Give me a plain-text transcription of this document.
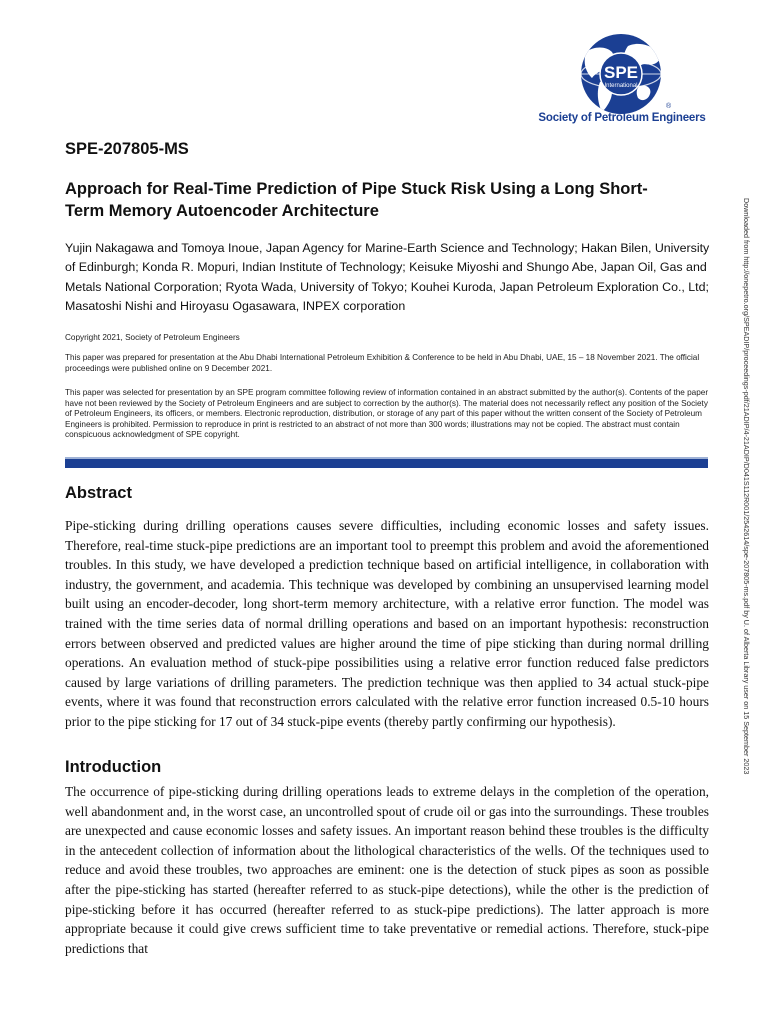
SPE
International
®
Society of Petroleum Engineers
SPE-207805-MS
Approach for Real-Time Prediction of Pipe Stuck Risk Using a Long Short-Term Memory Autoencoder Architecture
Yujin Nakagawa and Tomoya Inoue, Japan Agency for Marine-Earth Science and Technology; Hakan Bilen, University of Edinburgh; Konda R. Mopuri, Indian Institute of Technology; Keisuke Miyoshi and Shungo Abe, Japan Oil, Gas and Metals National Corporation; Ryota Wada, University of Tokyo; Kouhei Kuroda, Japan Petroleum Exploration Co., Ltd; Masatoshi Nishi and Hiroyasu Ogasawara, INPEX corporation
Copyright 2021, Society of Petroleum Engineers
This paper was prepared for presentation at the Abu Dhabi International Petroleum Exhibition & Conference to be held in Abu Dhabi, UAE, 15 – 18 November 2021. The official proceedings were published online on 9 December 2021.
This paper was selected for presentation by an SPE program committee following review of information contained in an abstract submitted by the author(s). Contents of the paper have not been reviewed by the Society of Petroleum Engineers and are subject to correction by the author(s). The material does not necessarily reflect any position of the Society of Petroleum Engineers, its officers, or members. Electronic reproduction, distribution, or storage of any part of this paper without the written consent of the Society of Petroleum Engineers is prohibited. Permission to reproduce in print is restricted to an abstract of not more than 300 words; illustrations may not be copied. The abstract must contain conspicuous acknowledgment of SPE copyright.	Downloaded from http://onepetro.org/SPEADIP/proceedings-pdf/21ADIP/4-21ADIP/D041S112R001/2542614/spe-207805-ms.pdf by U. of Alberta Library user on 15 September 2023
Abstract
Pipe-sticking during drilling operations causes severe difficulties, including economic losses and safety issues. Therefore, real-time stuck-pipe predictions are an important tool to preempt this problem and avoid the aforementioned troubles. In this study, we have developed a prediction technique based on artificial intelligence, in collaboration with industry, the government, and academia. This technique was developed by combining an unsupervised learning model built using an encoder-decoder, long short-term memory architecture, with a relative error function. The model was trained with the time series data of normal drilling operations and based on an important hypothesis: reconstruction errors between observed and predicted values are higher around the time of pipe sticking than during normal drilling operations. An evaluation method of stuck-pipe possibilities using a relative error function reduced false predictors caused by large variations of drilling parameters. The prediction technique was then applied to 34 actual stuck-pipe events, where it was found that reconstruction errors calculated with the relative error function increased 0.5-10 hours prior to the pipe sticking for 17 out of 34 stuck-pipe events (thereby partly confirming our hypothesis).
Introduction
The occurrence of pipe-sticking during drilling operations leads to extreme delays in the completion of the operation, well abandonment and, in the worst case, an uncontrolled spout of crude oil or gas into the surroundings. These troubles are unexpected and cause economic losses and safety issues. An important reason behind these troubles is the difficulty in the antecedent collection of information about the lithological characteristics of the wells. Of the techniques used to reduce and avoid these troubles, two approaches are eminent: one is the detection of stuck pipes as soon as possible after the pipe-sticking has started (hereafter referred to as stuck-pipe detections), while the other is the prediction of pipe-sticking before it has occurred (hereafter referred to as stuck-pipe predictions). The latter approach is more appropriate because it could give crews sufficient time to take preventative or remedial actions. Therefore, stuck-pipe predictions that
